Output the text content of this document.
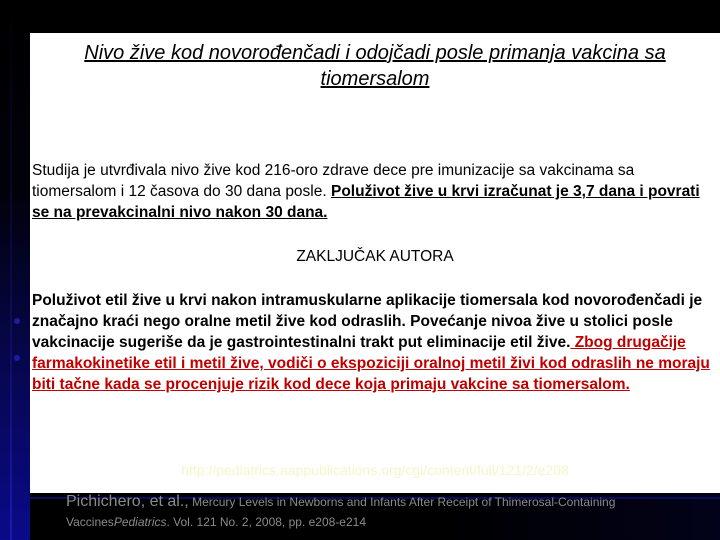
Nivo žive kod novorođenčadi i odojčadi posle primanja vakcina sa tiomersalom
Studija je utvrđivala nivo žive kod 216-oro zdrave dece pre imunizacije sa vakcinama sa tiomersalom i 12 časova do 30 dana posle. Poluživot žive u krvi izračunat je 3,7 dana i povrati se na prevakcinalni nivo nakon 30 dana.
ZAKLJUČAK AUTORA
Poluživot etil žive u krvi nakon intramuskularne aplikacije tiomersala kod novorođenčadi je značajno kraći nego oralne metil žive kod odraslih. Povećanje nivoa žive u stolici posle vakcinacije sugeriše da je gastrointestinalni trakt put eliminacije etil žive. Zbog drugačije farmakokinetike etil i metil žive, vodiči o ekspoziciji oralnoj metil živi kod odraslih ne moraju biti tačne kada se procenjuje rizik kod dece koja primaju vakcine sa tiomersalom.
http://pediatrics.aappublications.org/cgi/content/full/121/2/e208
Pichichero, et al., Mercury Levels in Newborns and Infants After Receipt of Thimerosal-Containing VaccinesPediatrics. Vol. 121 No. 2, 2008, pp. e208-e214
